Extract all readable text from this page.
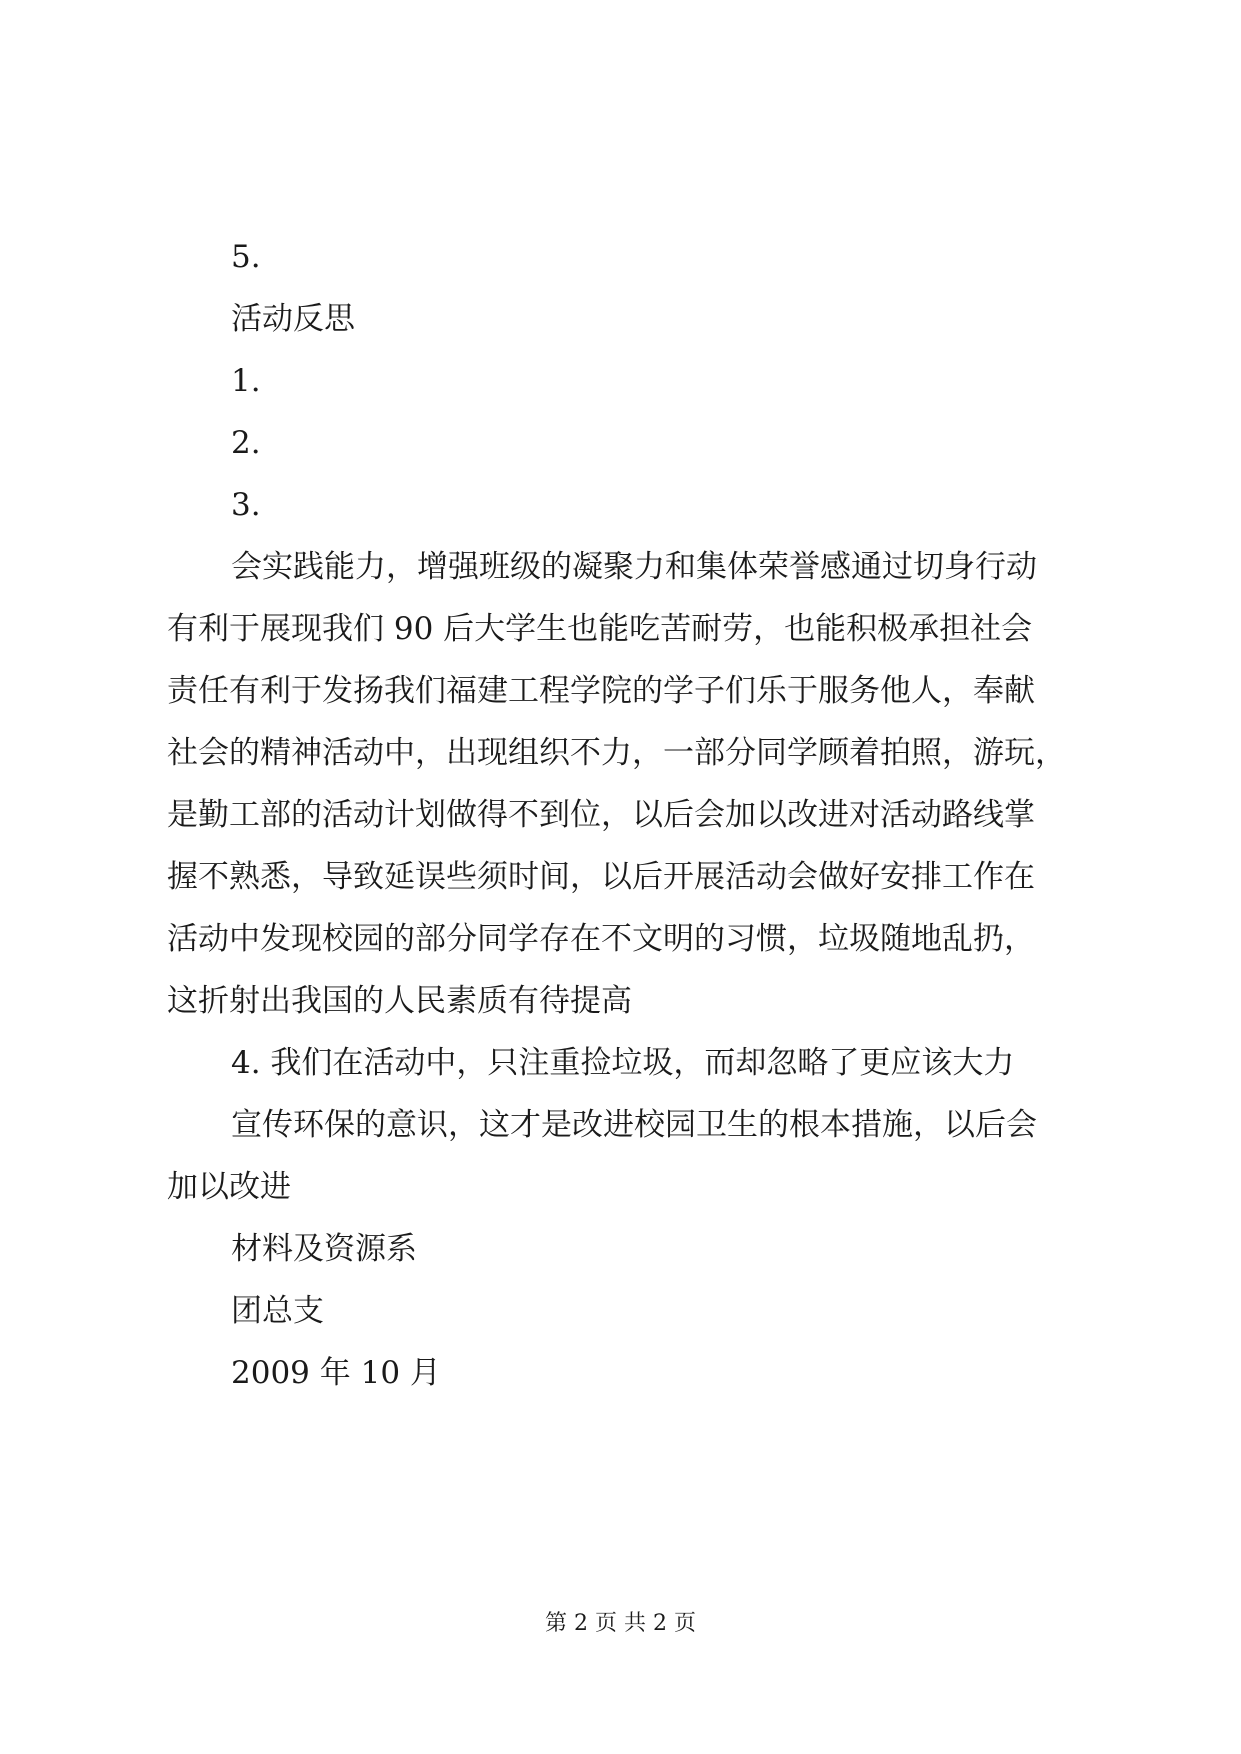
5.
活动反思
1.
2.
3.
会实践能力，增强班级的凝聚力和集体荣誉感通过切身行动
有利于展现我们 90 后大学生也能吃苦耐劳，也能积极承担社会
责任有利于发扬我们福建工程学院的学子们乐于服务他人，奉献
社会的精神活动中，出现组织不力，一部分同学顾着拍照，游玩，
是勤工部的活动计划做得不到位，以后会加以改进对活动路线掌
握不熟悉，导致延误些须时间，以后开展活动会做好安排工作在
活动中发现校园的部分同学存在不文明的习惯，垃圾随地乱扔，
这折射出我国的人民素质有待提高
4. 我们在活动中，只注重捡垃圾，而却忽略了更应该大力
宣传环保的意识，这才是改进校园卫生的根本措施，以后会
加以改进
材料及资源系
团总支
2009 年 10 月
第 2 页 共 2 页
